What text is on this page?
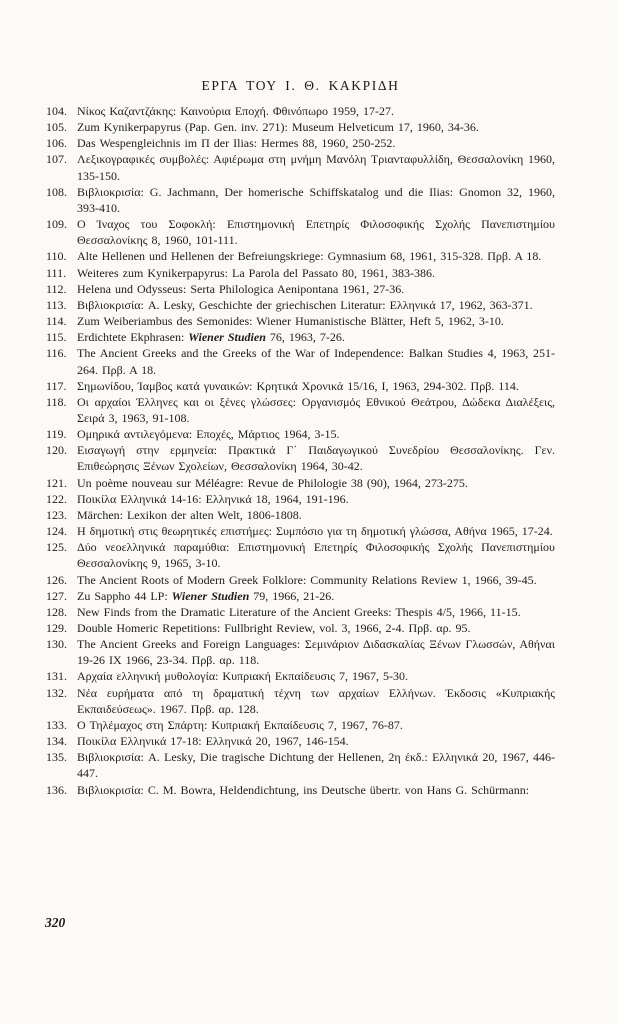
ΕΡΓΑ ΤΟΥ Ι. Θ. ΚΑΚΡΙΔΗ
104. Νίκος Καζαντζάκης: Καινούρια Εποχή. Φθινόπωρο 1959, 17-27.
105. Zum Kynikerpapyrus (Pap. Gen. inv. 271): Museum Helveticum 17, 1960, 34-36.
106. Das Wespengleichnis im Π der Ilias: Hermes 88, 1960, 250-252.
107. Λεξικογραφικές συμβολές: Αφιέρωμα στη μνήμη Μανόλη Τριανταφυλλίδη, Θεσσαλονίκη 1960, 135-150.
108. Βιβλιοκρισία: G. Jachmann, Der homerische Schiffskatalog und die Ilias: Gnomon 32, 1960, 393-410.
109. Ο Ίναχος του Σοφοκλή: Επιστημονική Επετηρίς Φιλοσοφικής Σχολής Πανεπιστημίου Θεσσαλονίκης 8, 1960, 101-111.
110. Alte Hellenen und Hellenen der Befreiungskriege: Gymnasium 68, 1961, 315-328. Πρβ. Α 18.
111. Weiteres zum Kynikerpapyrus: La Parola del Passato 80, 1961, 383-386.
112. Helena und Odysseus: Serta Philologica Aenipontana 1961, 27-36.
113. Βιβλιοκρισία: A. Lesky, Geschichte der griechischen Literatur: Ελληνικά 17, 1962, 363-371.
114. Zum Weiberiambus des Semonides: Wiener Humanistische Blätter, Heft 5, 1962, 3-10.
115. Erdichtete Ekphrasen: Wiener Studien 76, 1963, 7-26.
116. The Ancient Greeks and the Greeks of the War of Independence: Balkan Studies 4, 1963, 251-264. Πρβ. Α 18.
117. Σημωνίδου, Ίαμβος κατά γυναικών: Κρητικά Χρονικά 15/16, Ι, 1963, 294-302. Πρβ. 114.
118. Οι αρχαίοι Έλληνες και οι ξένες γλώσσες: Οργανισμός Εθνικού Θεάτρου, Δώδεκα Διαλέξεις, Σειρά 3, 1963, 91-108.
119. Ομηρικά αντιλεγόμενα: Εποχές, Μάρτιος 1964, 3-15.
120. Εισαγωγή στην ερμηνεία: Πρακτικά Γ΄ Παιδαγωγικού Συνεδρίου Θεσσαλονίκης. Γεν. Επιθεώρησις Ξένων Σχολείων, Θεσσαλονίκη 1964, 30-42.
121. Un poème nouveau sur Méléagre: Revue de Philologie 38 (90), 1964, 273-275.
122. Ποικίλα Ελληνικά 14-16: Ελληνικά 18, 1964, 191-196.
123. Märchen: Lexikon der alten Welt, 1806-1808.
124. Η δημοτική στις θεωρητικές επιστήμες: Συμπόσιο για τη δημοτική γλώσσα, Αθήνα 1965, 17-24.
125. Δύο νεοελληνικά παραμύθια: Επιστημονική Επετηρίς Φιλοσοφικής Σχολής Πανεπιστημίου Θεσσαλονίκης 9, 1965, 3-10.
126. The Ancient Roots of Modern Greek Folklore: Community Relations Review 1, 1966, 39-45.
127. Zu Sappho 44 LP: Wiener Studien 79, 1966, 21-26.
128. New Finds from the Dramatic Literature of the Ancient Greeks: Thespis 4/5, 1966, 11-15.
129. Double Homeric Repetitions: Fullbright Review, vol. 3, 1966, 2-4. Πρβ. αρ. 95.
130. The Ancient Greeks and Foreign Languages: Σεμινάριον Διδασκαλίας Ξένων Γλωσσών, Αθήναι 19-26 ΙΧ 1966, 23-34. Πρβ. αρ. 118.
131. Αρχαία ελληνική μυθολογία: Κυπριακή Εκπαίδευσις 7, 1967, 5-30.
132. Νέα ευρήματα από τη δραματική τέχνη των αρχαίων Ελλήνων. Έκδοσις «Κυπριακής Εκπαιδεύσεως». 1967. Πρβ. αρ. 128.
133. Ο Τηλέμαχος στη Σπάρτη: Κυπριακή Εκπαίδευσις 7, 1967, 76-87.
134. Ποικίλα Ελληνικά 17-18: Ελληνικά 20, 1967, 146-154.
135. Βιβλιοκρισία: A. Lesky, Die tragische Dichtung der Hellenen, 2η έκδ.: Ελληνικά 20, 1967, 446-447.
136. Βιβλιοκρισία: C. M. Bowra, Heldendichtung, ins Deutsche übertr. von Hans G. Schürmann:
320
